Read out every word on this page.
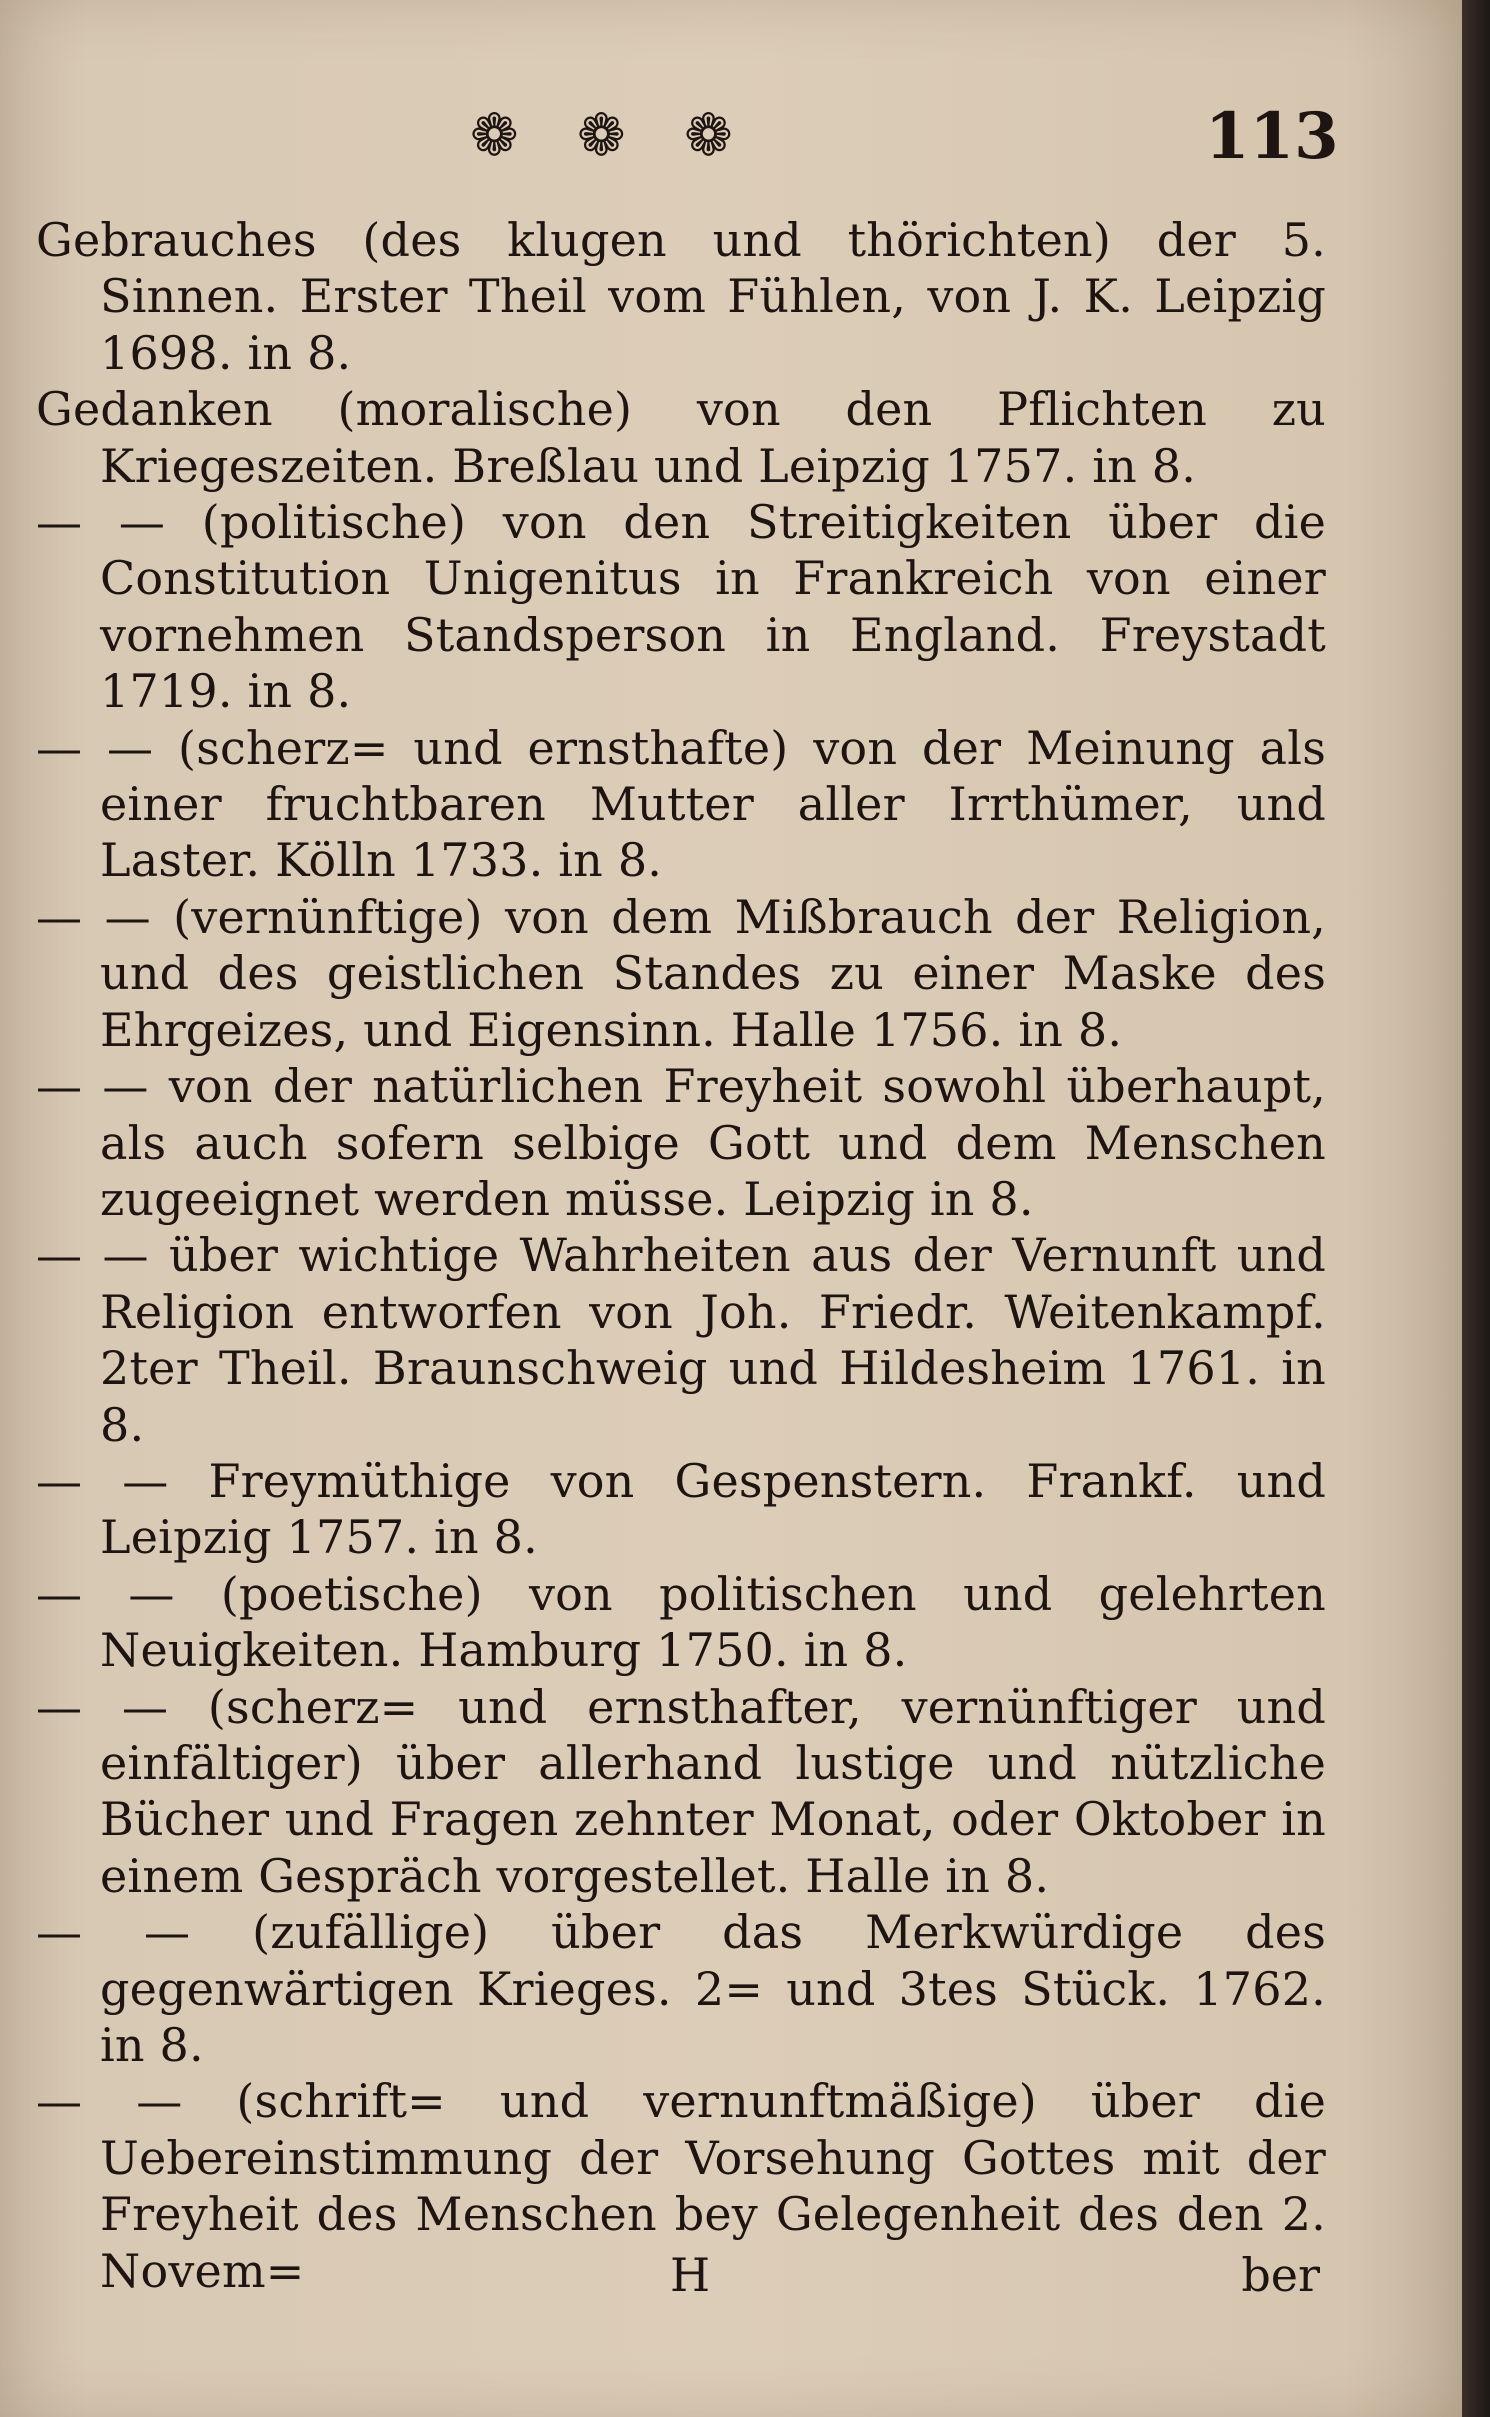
❁ ❁ ❁	113
Gebrauches (des klugen und thörichten) der 5. Sinnen. Erster Theil vom Fühlen, von J. K. Leipzig 1698. in 8.
Gedanken (moralische) von den Pflichten zu Kriegeszeiten. Breßlau und Leipzig 1757. in 8.
— — (politische) von den Streitigkeiten über die Constitution Unigenitus in Frankreich von einer vornehmen Standsperson in England. Freystadt 1719. in 8.
— — (scherz= und ernsthafte) von der Meinung als einer fruchtbaren Mutter aller Irrthümer, und Laster. Kölln 1733. in 8.
— — (vernünftige) von dem Mißbrauch der Religion, und des geistlichen Standes zu einer Maske des Ehrgeizes, und Eigensinn. Halle 1756. in 8.
— — von der natürlichen Freyheit sowohl überhaupt, als auch sofern selbige Gott und dem Menschen zugeeignet werden müsse. Leipzig in 8.
— — über wichtige Wahrheiten aus der Vernunft und Religion entworfen von Joh. Friedr. Weitenkampf. 2ter Theil. Braunschweig und Hildesheim 1761. in 8.
— — Freymüthige von Gespenstern. Frankf. und Leipzig 1757. in 8.
— — (poetische) von politischen und gelehrten Neuigkeiten. Hamburg 1750. in 8.
— — (scherz= und ernsthafter, vernünftiger und einfältiger) über allerhand lustige und nützliche Bücher und Fragen zehnter Monat, oder Oktober in einem Gespräch vorgestellet. Halle in 8.
— — (zufällige) über das Merkwürdige des gegenwärtigen Krieges. 2= und 3tes Stück. 1762. in 8.
— — (schrift= und vernunftmäßige) über die Uebereinstimmung der Vorsehung Gottes mit der Freyheit des Menschen bey Gelegenheit des den 2. Novem=	H	ber
